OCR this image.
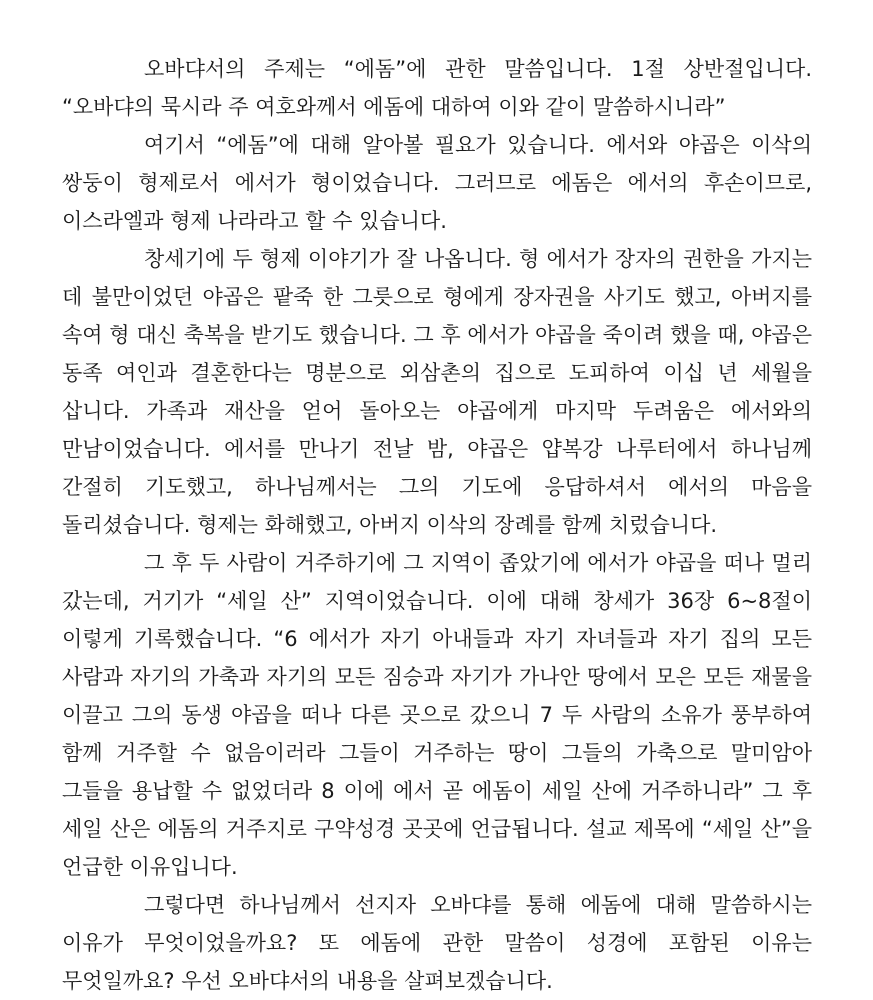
오바댜서의 주제는 “에돔”에 관한 말씀입니다. 1절 상반절입니다. “오바댜의 묵시라 주 여호와께서 에돔에 대하여 이와 같이 말씀하시니라”

여기서 “에돔”에 대해 알아볼 필요가 있습니다. 에서와 야곱은 이삭의 쌍둥이 형제로서 에서가 형이었습니다. 그러므로 에돔은 에서의 후손이므로, 이스라엘과 형제 나라라고 할 수 있습니다.

창세기에 두 형제 이야기가 잘 나옵니다. 형 에서가 장자의 권한을 가지는 데 불만이었던 야곱은 팥죽 한 그릇으로 형에게 장자권을 사기도 했고, 아버지를 속여 형 대신 축복을 받기도 했습니다. 그 후 에서가 야곱을 죽이려 했을 때, 야곱은 동족 여인과 결혼한다는 명분으로 외삼촌의 집으로 도피하여 이십 년 세월을 삽니다. 가족과 재산을 얻어 돌아오는 야곱에게 마지막 두려움은 에서와의 만남이었습니다. 에서를 만나기 전날 밤, 야곱은 얍복강 나루터에서 하나님께 간절히 기도했고, 하나님께서는 그의 기도에 응답하셔서 에서의 마음을 돌리셨습니다. 형제는 화해했고, 아버지 이삭의 장례를 함께 치렀습니다.

그 후 두 사람이 거주하기에 그 지역이 좁았기에 에서가 야곱을 떠나 멀리 갔는데, 거기가 “세일 산” 지역이었습니다. 이에 대해 창세가 36장 6~8절이 이렇게 기록했습니다. “6 에서가 자기 아내들과 자기 자녀들과 자기 집의 모든 사람과 자기의 가축과 자기의 모든 짐승과 자기가 가나안 땅에서 모은 모든 재물을 이끌고 그의 동생 야곱을 떠나 다른 곳으로 갔으니 7 두 사람의 소유가 풍부하여 함께 거주할 수 없음이러라 그들이 거주하는 땅이 그들의 가축으로 말미암아 그들을 용납할 수 없었더라 8 이에 에서 곧 에돔이 세일 산에 거주하니라” 그 후 세일 산은 에돔의 거주지로 구약성경 곳곳에 언급됩니다. 설교 제목에 “세일 산”을 언급한 이유입니다.

그렇다면 하나님께서 선지자 오바댜를 통해 에돔에 대해 말씀하시는 이유가 무엇이었을까요? 또 에돔에 관한 말씀이 성경에 포함된 이유는 무엇일까요? 우선 오바댜서의 내용을 살펴보겠습니다.
